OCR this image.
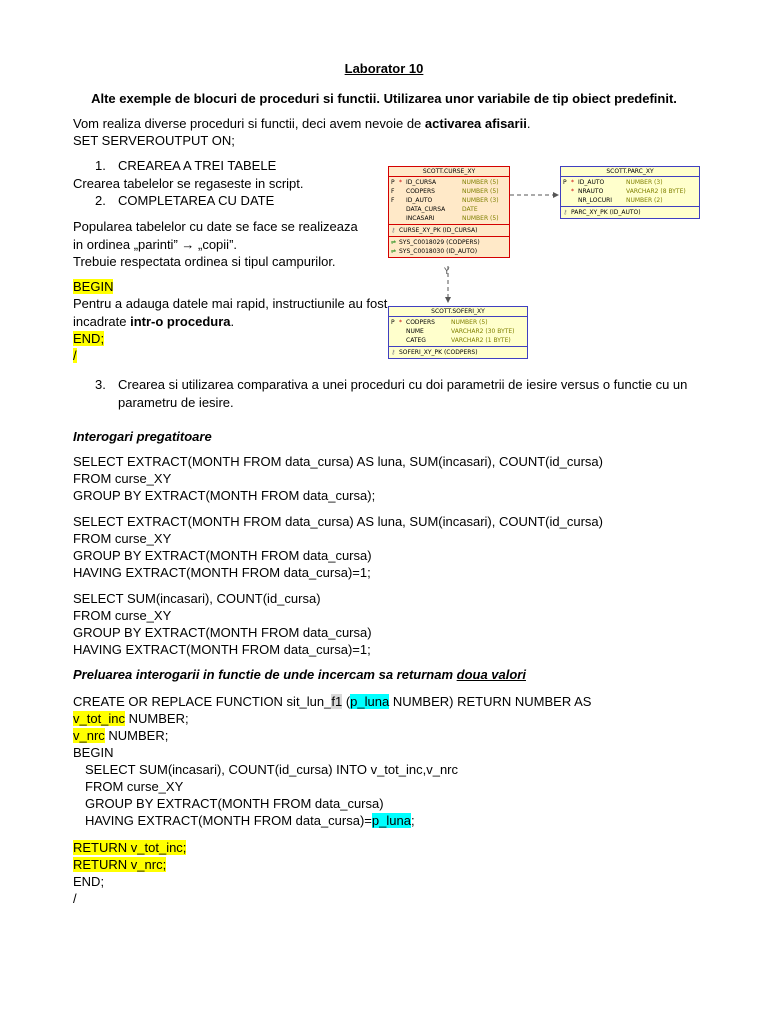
Laborator 10
Alte exemple de blocuri de proceduri si functii. Utilizarea unor variabile de tip obiect predefinit.
Vom realiza diverse proceduri si functii, deci avem nevoie de activarea afisarii.
SET SERVEROUTPUT ON;
1. CREAREA A TREI TABELE
Crearea tabelelor se regaseste in script.
2. COMPLETAREA CU DATE
Popularea tabelelor cu date se face se realizeaza
in ordinea „parinti” → „copii”.
Trebuie respectata ordinea si tipul campurilor.
BEGIN
Pentru a adauga datele mai rapid, instructiunile au fost
incadrate intr-o procedura.
END;
/
3. Crearea si utilizarea comparativa a unei proceduri cu doi parametrii de iesire versus o functie cu un
parametru de iesire.
Y
SCOTT.CURSE_XY
P * ID_CURSA	NUMBER (5)
F CODPERS	NUMBER (5)
F ID_AUTO	NUMBER (3)
DATA_CURSA	DATE
INCASARI	NUMBER (5)
⚷ CURSE_XY_PK (ID_CURSA)
⇌ SYS_C0018029 (CODPERS)
⇌ SYS_C0018030 (ID_AUTO)
SCOTT.PARC_XY
P * ID_AUTO	NUMBER (3)
* NRAUTO	VARCHAR2 (8 BYTE)
NR_LOCURI NUMBER (2)
⚷ PARC_XY_PK (ID_AUTO)
SCOTT.SOFERI_XY
P * CODPERS	NUMBER (5)
NUME	VARCHAR2 (30 BYTE)
CATEG	VARCHAR2 (1 BYTE)
⚷ SOFERI_XY_PK (CODPERS)
Interogari pregatitoare
SELECT EXTRACT(MONTH FROM data_cursa) AS luna, SUM(incasari), COUNT(id_cursa)
FROM curse_XY
GROUP BY EXTRACT(MONTH FROM data_cursa);
SELECT EXTRACT(MONTH FROM data_cursa) AS luna, SUM(incasari), COUNT(id_cursa)
FROM curse_XY
GROUP BY EXTRACT(MONTH FROM data_cursa)
HAVING EXTRACT(MONTH FROM data_cursa)=1;
SELECT SUM(incasari), COUNT(id_cursa)
FROM curse_XY
GROUP BY EXTRACT(MONTH FROM data_cursa)
HAVING EXTRACT(MONTH FROM data_cursa)=1;
Preluarea interogarii in functie de unde incercam sa returnam doua valori
CREATE OR REPLACE FUNCTION sit_lun_f1 (p_luna NUMBER) RETURN NUMBER AS
v_tot_inc NUMBER;
v_nrc NUMBER;
BEGIN
SELECT SUM(incasari), COUNT(id_cursa) INTO v_tot_inc,v_nrc
FROM curse_XY
GROUP BY EXTRACT(MONTH FROM data_cursa)
HAVING EXTRACT(MONTH FROM data_cursa)=p_luna;
RETURN v_tot_inc;
RETURN v_nrc;
END;
/
